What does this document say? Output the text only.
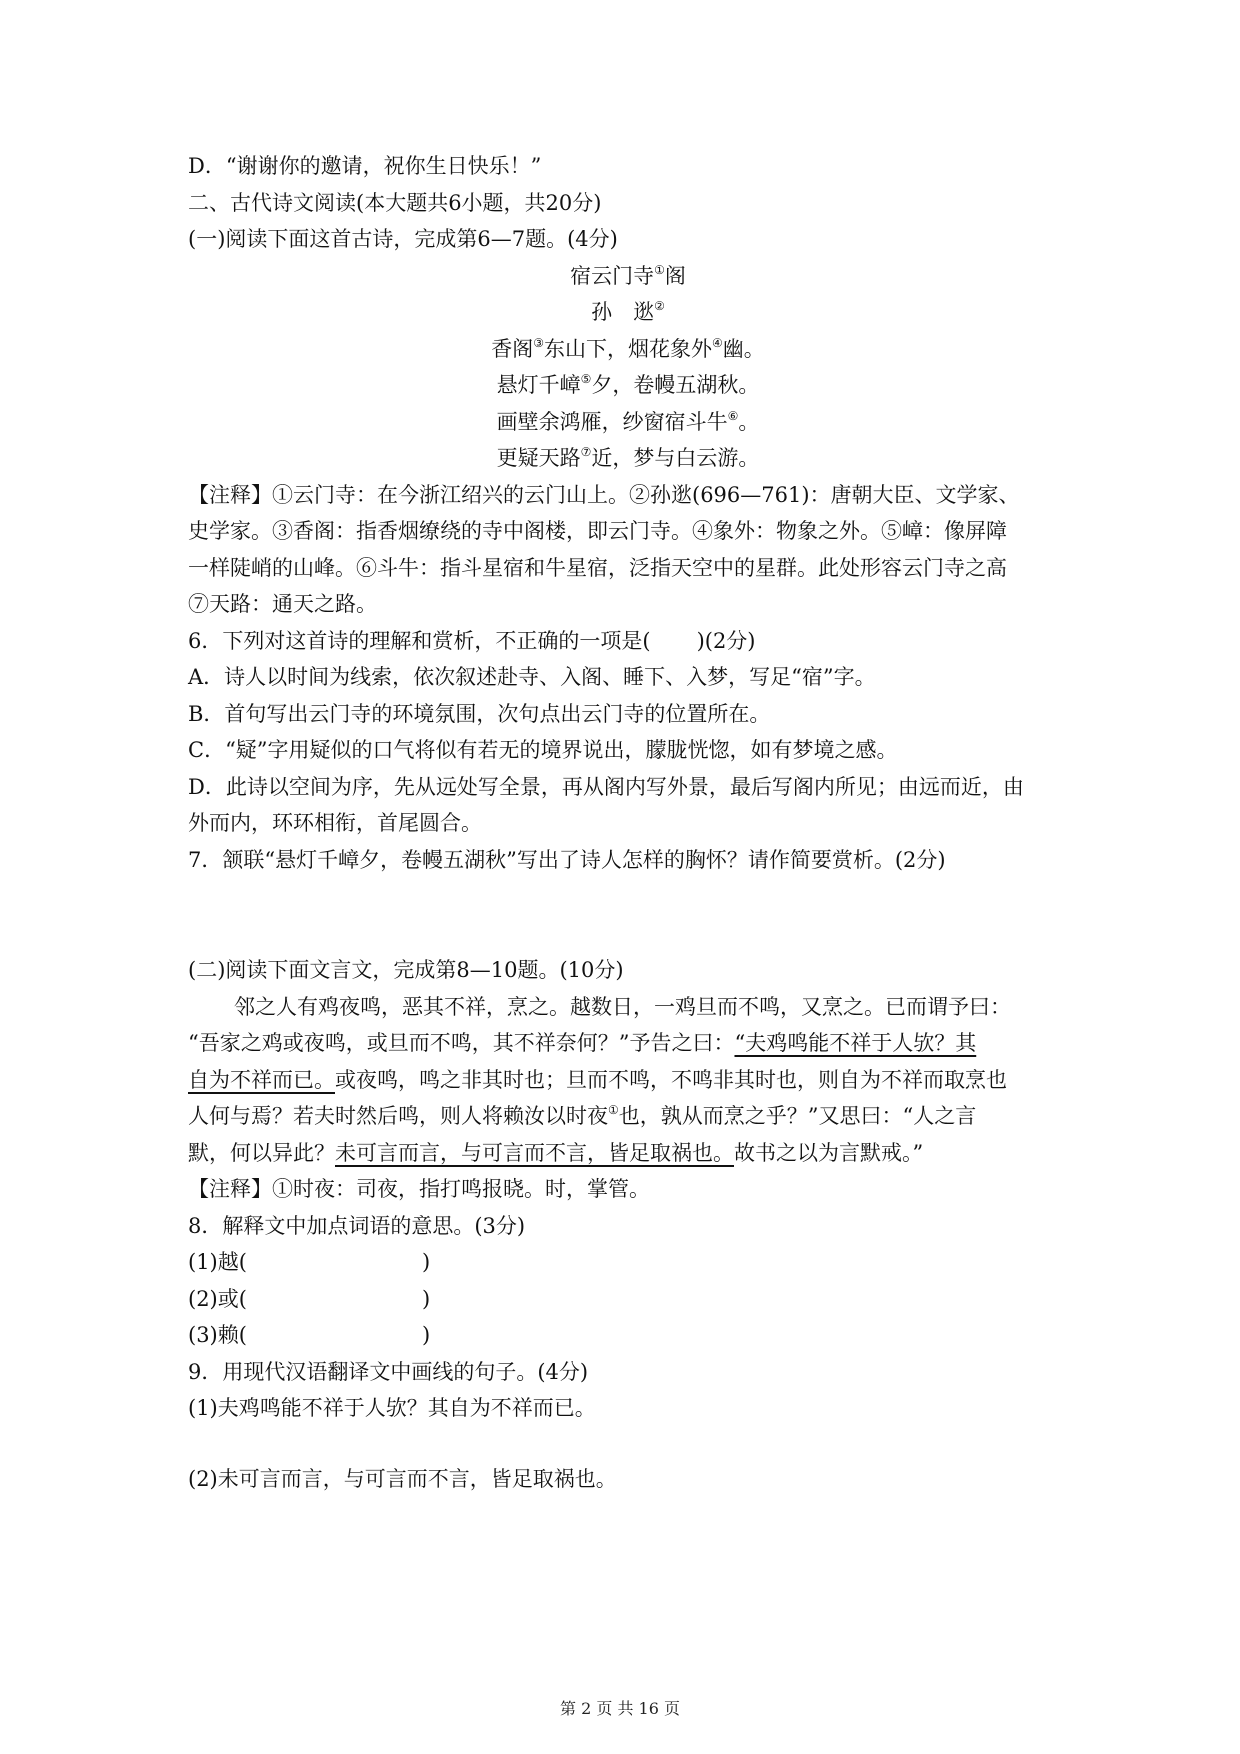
D．“谢谢你的邀请，祝你生日快乐！”
二、古代诗文阅读(本大题共6小题，共20分)
(一)阅读下面这首古诗，完成第6—7题。(4分)
宿云门寺①阁
孙　逖②
香阁③东山下，烟花象外④幽。
悬灯千嶂⑤夕，卷幔五湖秋。
画壁余鸿雁，纱窗宿斗牛⑥。
更疑天路⑦近，梦与白云游。
【注释】①云门寺：在今浙江绍兴的云门山上。②孙逖(696—761)：唐朝大臣、文学家、
史学家。③香阁：指香烟缭绕的寺中阁楼，即云门寺。④象外：物象之外。⑤嶂：像屏障
一样陡峭的山峰。⑥斗牛：指斗星宿和牛星宿，泛指天空中的星群。此处形容云门寺之高
⑦天路：通天之路。
6．下列对这首诗的理解和赏析，不正确的一项是( )(2分)
A．诗人以时间为线索，依次叙述赴寺、入阁、睡下、入梦，写足“宿”字。
B．首句写出云门寺的环境氛围，次句点出云门寺的位置所在。
C．“疑”字用疑似的口气将似有若无的境界说出，朦胧恍惚，如有梦境之感。
D．此诗以空间为序，先从远处写全景，再从阁内写外景，最后写阁内所见；由远而近，由
外而内，环环相衔，首尾圆合。
7．颔联“悬灯千嶂夕，卷幔五湖秋”写出了诗人怎样的胸怀？请作简要赏析。(2分)
(二)阅读下面文言文，完成第8—10题。(10分)
邻之人有鸡夜鸣，恶其不祥，烹之。越数日，一鸡旦而不鸣，又烹之。已而谓予曰：
“吾家之鸡或夜鸣，或旦而不鸣，其不祥奈何？”予告之曰：“夫鸡鸣能不祥于人欤？其
自为不祥而已。或夜鸣，鸣之非其时也；旦而不鸣，不鸣非其时也，则自为不祥而取烹也
人何与焉？若夫时然后鸣，则人将赖汝以时夜①也，孰从而烹之乎？”又思曰：“人之言
默，何以异此？未可言而言，与可言而不言，皆足取祸也。故书之以为言默戒。”
【注释】①时夜：司夜，指打鸣报晓。时，掌管。
8．解释文中加点词语的意思。(3分)
(1)越(	)
(2)或(	)
(3)赖(	)
9．用现代汉语翻译文中画线的句子。(4分)
(1)夫鸡鸣能不祥于人欤？其自为不祥而已。
(2)未可言而言，与可言而不言，皆足取祸也。
第 2 页 共 16 页
